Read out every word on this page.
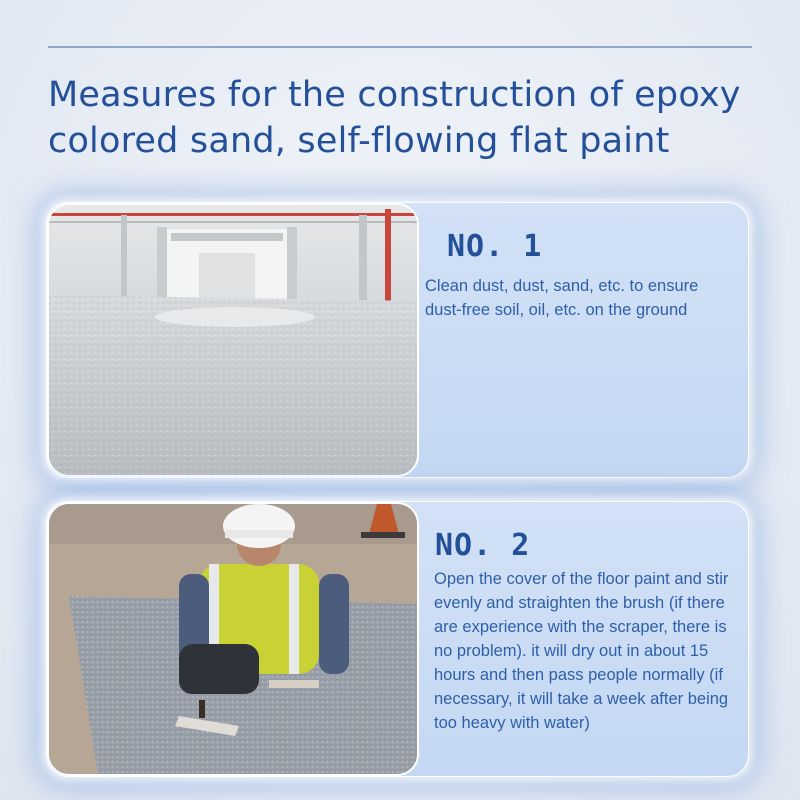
Measures for the construction of epoxy colored sand, self-flowing flat paint
NO. 1
Clean dust, dust, sand, etc. to ensure dust-free soil, oil, etc. on the ground
NO. 2
Open the cover of the floor paint and stir evenly and straighten the brush (if there are experience with the scraper, there is no problem). it will dry out in about 15 hours and then pass people normally (if necessary, it will take a week after being too heavy with water)
